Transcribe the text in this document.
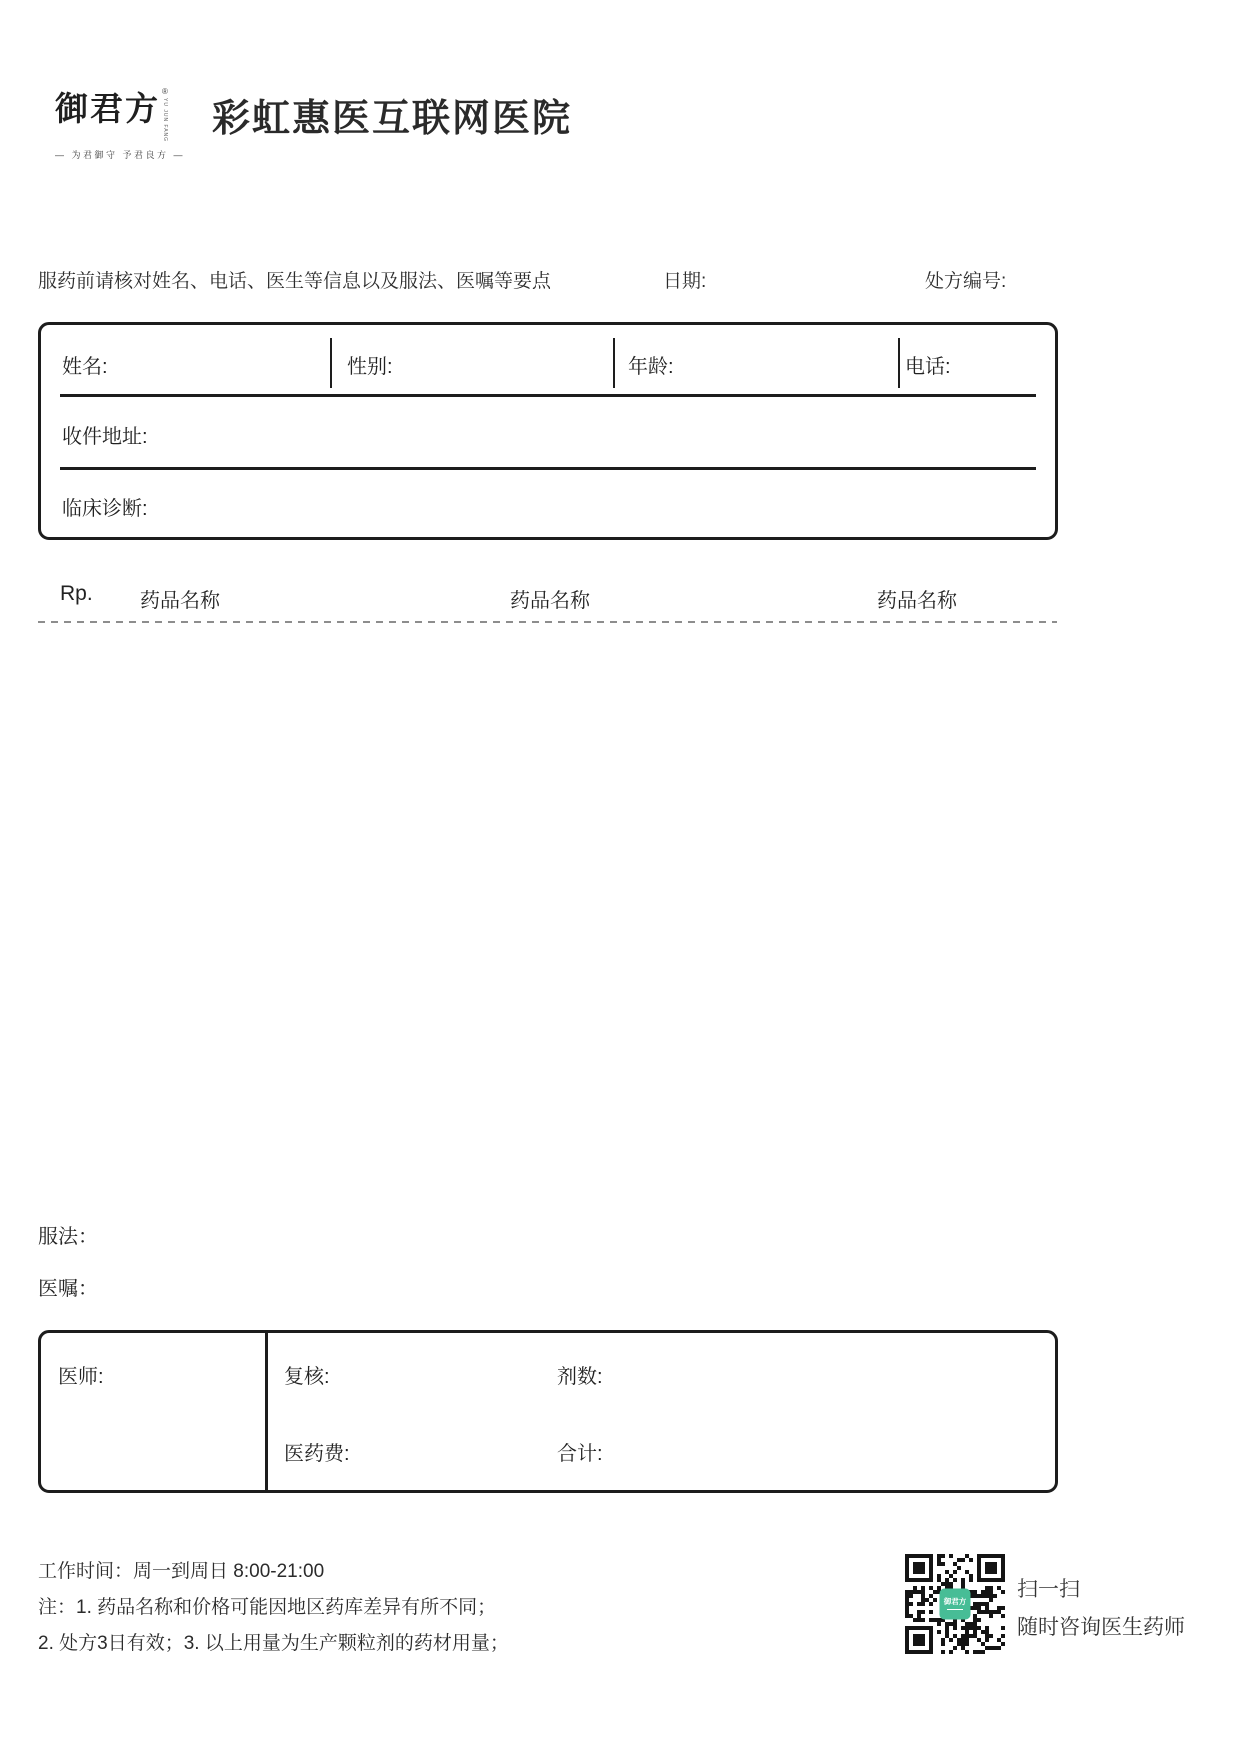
御君方 ®
YU JUN FANG
— 为君御守 予君良方 —
彩虹惠医互联网医院
服药前请核对姓名、电话、医生等信息以及服法、医嘱等要点	日期:	处方编号:
姓名:	性别:	年龄:	电话:
收件地址:
临床诊断:
Rp. 药品名称	药品名称	药品名称
服法：
医嘱：
医师:	复核:	剂数:
医药费:	合计:
工作时间：周一到周日 8:00-21:00
注：1. 药品名称和价格可能因地区药库差异有所不同；
2. 处方3日有效；3. 以上用量为生产颗粒剂的药材用量；
扫一扫
随时咨询医生药师
